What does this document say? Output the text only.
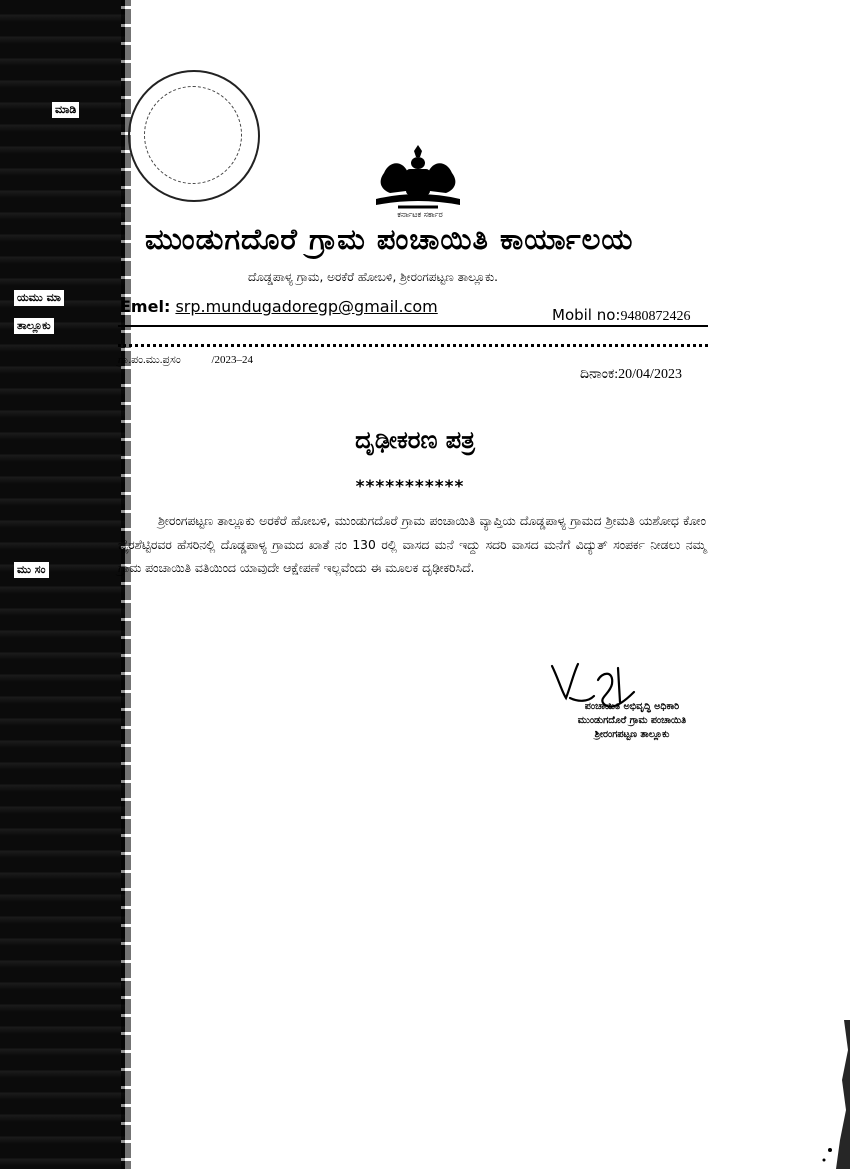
ಮಾಡಿ
ಯಮು ಮಾ
ತಾಲ್ಲೂಕು
ಮು ಸಂ
ಕರ್ನಾಟಕ ಸರ್ಕಾರ
ಮುಂಡುಗದೊರೆ ಗ್ರಾಮ ಪಂಚಾಯಿತಿ ಕಾರ್ಯಾಲಯ
ದೊಡ್ಡಪಾಳ್ಯ ಗ್ರಾಮ, ಅರಕೆರೆ ಹೋಬಳಿ, ಶ್ರೀರಂಗಪಟ್ಟಣ ತಾಲ್ಲೂಕು.
Emel: srp.mundugadoregp@gmail.com	Mobil no:9480872426
ಗ್ರಾ.ಪಂ.ಮು.ಪ್ರಸಂ	/2023–24
ದಿನಾಂಕ:20/04/2023
ದೃಢೀಕರಣ ಪತ್ರ
***********
ಶ್ರೀರಂಗಪಟ್ಟಣ ತಾಲ್ಲೂಕು ಅರಕೆರೆ ಹೋಬಳಿ, ಮುಂಡುಗದೊರೆ ಗ್ರಾಮ ಪಂಚಾಯಿತಿ ವ್ಯಾಪ್ತಿಯ ದೊಡ್ಡಪಾಳ್ಯ ಗ್ರಾಮದ ಶ್ರೀಮತಿ ಯಶೋಧ ಕೋಂ ಬೈರಶೆಟ್ಟಿರವರ ಹೆಸರಿನಲ್ಲಿ ದೊಡ್ಡಪಾಳ್ಯ ಗ್ರಾಮದ ಖಾತೆ ನಂ 130 ರಲ್ಲಿ ವಾಸದ ಮನೆ ಇದ್ದು ಸದರಿ ವಾಸದ ಮನೆಗೆ ವಿದ್ಯುತ್ ಸಂಪರ್ಕ ನೀಡಲು ನಮ್ಮ ಗ್ರಾಮ ಪಂಚಾಯಿತಿ ವತಿಯಿಂದ ಯಾವುದೇ ಆಕ್ಷೇಪಣೆ ಇಲ್ಲವೆಂದು ಈ ಮೂಲಕ ದೃಢೀಕರಿಸಿದೆ.
ಪಂಚಾಯಿತಿ ಅಭಿವೃದ್ಧಿ ಅಧಿಕಾರಿ
ಮುಂಡುಗದೊರೆ ಗ್ರಾಮ ಪಂಚಾಯಿತಿ
ಶ್ರೀರಂಗಪಟ್ಟಣ ತಾಲ್ಲೂಕು
